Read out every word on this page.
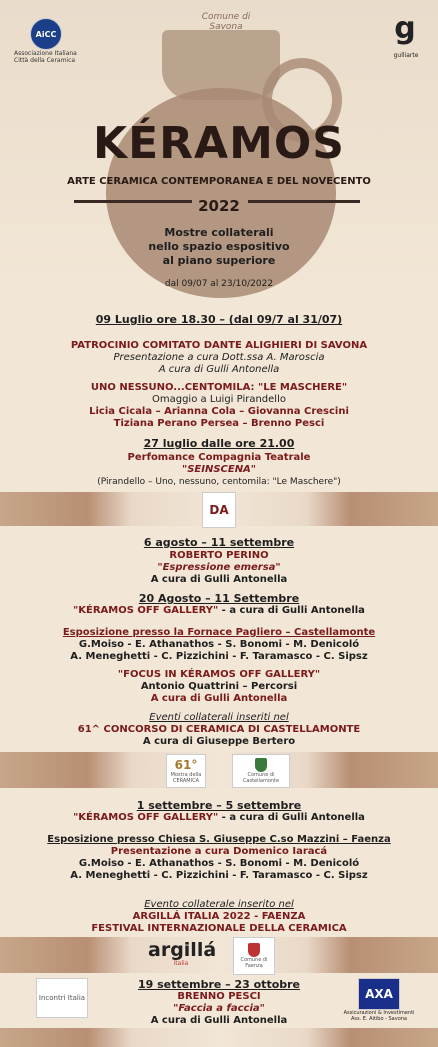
AiCC
Associazione Italiana
Città della Ceramica
Comune di Savona	g
gulliarte
KÉRAMOS
ARTE CERAMICA CONTEMPORANEA E DEL NOVECENTO
2022
Mostre collaterali
nello spazio espositivo
al piano superiore
dal 09/07 al 23/10/2022
09 Luglio ore 18.30 – (dal 09/7 al 31/07)
PATROCINIO COMITATO DANTE ALIGHIERI DI SAVONA
Presentazione a cura Dott.ssa A. Maroscia
A cura di Gulli Antonella
UNO NESSUNO...CENTOMILA: "LE MASCHERE"
Omaggio a Luigi Pirandello
Licia Cicala – Arianna Cola – Giovanna Crescini
Tiziana Perano Persea – Brenno Pesci
27 luglio dalle ore 21.00
Perfomance Compagnia Teatrale
"SEINSCENA"
(Pirandello – Uno, nessuno, centomila: "Le Maschere")
DA
6 agosto – 11 settembre
ROBERTO PERINO
"Espressione emersa"
A cura di Gulli Antonella
20 Agosto – 11 Settembre
"KÉRAMOS OFF GALLERY" - a cura di Gulli Antonella
Esposizione presso la Fornace Pagliero – Castellamonte
G.Moiso - E. Athanathos - S. Bonomi - M. Denicoló
A. Meneghetti - C. Pizzichini - F. Taramasco - C. Sipsz
"FOCUS IN KÉRAMOS OFF GALLERY"
Antonio Quattrini – Percorsi
A cura di Gulli Antonella
Eventi collaterali inseriti nel
61^ CONCORSO DI CERAMICA DI CASTELLAMONTE
A cura di Giuseppe Bertero
61°
Mostra della CERAMICA
Comune di Castellamonte
1 settembre – 5 settembre
"KÉRAMOS OFF GALLERY" - a cura di Gulli Antonella
Esposizione presso Chiesa S. Giuseppe C.so Mazzini – Faenza
Presentazione a cura Domenico Iaracá
G.Moiso - E. Athanathos - S. Bonomi - M. Denicoló
A. Meneghetti - C. Pizzichini - F. Taramasco - C. Sipsz
Evento collaterale inserito nel
ARGILLÁ ITALIA 2022 - FAENZA
FESTIVAL INTERNAZIONALE DELLA CERAMICA
argillá
italia	Comune di Faenza
Incontri Italia
19 settembre – 23 ottobre
BRENNO PESCI
"Faccia a faccia"
A cura di Gulli Antonella
AXA
Assicurazioni & Investimenti
Ass. E. Aitibo - Savona
